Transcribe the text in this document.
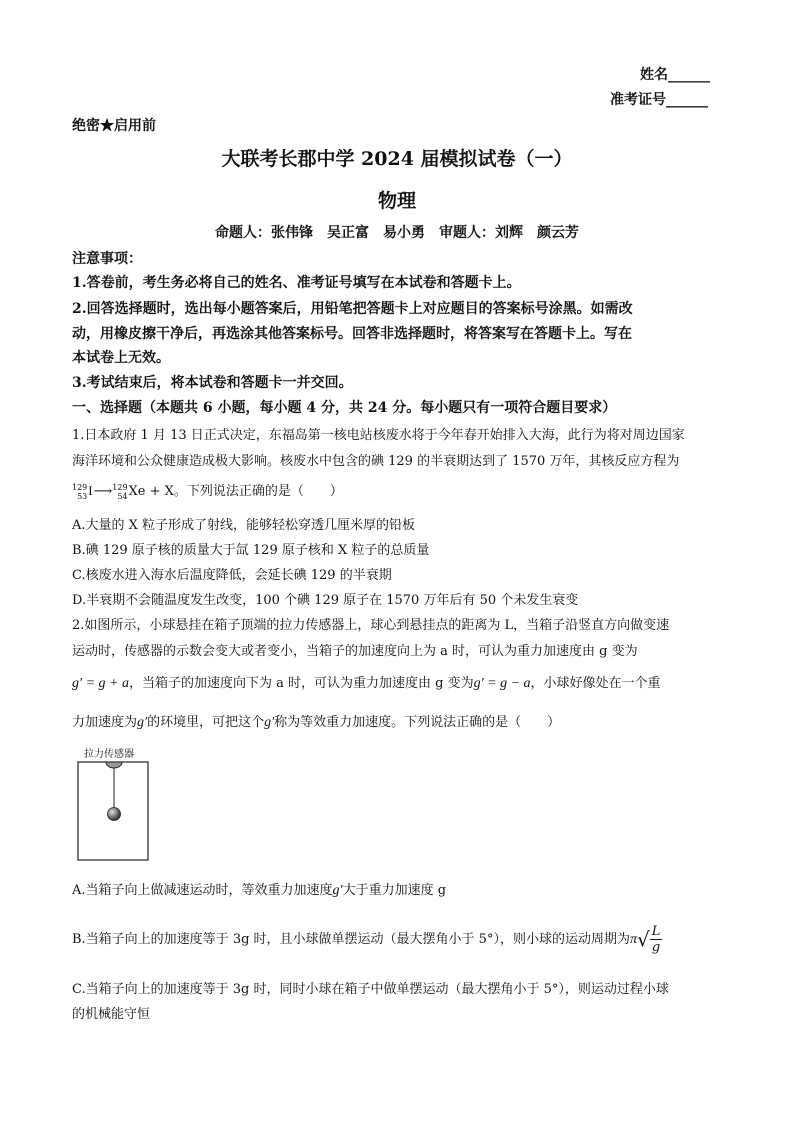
姓名______
准考证号______
绝密★启用前
大联考长郡中学 2024 届模拟试卷（一）
物理
命题人：张伟锋　吴正富　易小勇　审题人：刘辉　颜云芳
注意事项：
1.答卷前，考生务必将自己的姓名、准考证号填写在本试卷和答题卡上。
2.回答选择题时，选出每小题答案后，用铅笔把答题卡上对应题目的答案标号涂黑。如需改
动，用橡皮擦干净后，再选涂其他答案标号。回答非选择题时，将答案写在答题卡上。写在
本试卷上无效。
3.考试结束后，将本试卷和答题卡一并交回。
一、选择题（本题共 6 小题，每小题 4 分，共 24 分。每小题只有一项符合题目要求）
1.日本政府 1 月 13 日正式决定，东福岛第一核电站核废水将于今年春开始排入大海，此行为将对周边国家
海洋环境和公众健康造成极大影响。核废水中包含的碘 129 的半衰期达到了 1570 万年，其核反应方程为
129
53I⟶129
54Xe + X。下列说法正确的是（　　）
A.大量的 X 粒子形成了射线，能够轻松穿透几厘米厚的铅板
B.碘 129 原子核的质量大于氙 129 原子核和 X 粒子的总质量
C.核废水进入海水后温度降低，会延长碘 129 的半衰期
D.半衰期不会随温度发生改变，100 个碘 129 原子在 1570 万年后有 50 个未发生衰变
2.如图所示，小球悬挂在箱子顶端的拉力传感器上，球心到悬挂点的距离为 L，当箱子沿竖直方向做变速
运动时，传感器的示数会变大或者变小，当箱子的加速度向上为 a 时，可认为重力加速度由 g 变为
g′ = g + a，当箱子的加速度向下为 a 时，可认为重力加速度由 g 变为g′ = g − a，小球好像处在一个重
力加速度为g′的环境里，可把这个g′称为等效重力加速度。下列说法正确的是（　　）
拉力传感器
A.当箱子向上做减速运动时，等效重力加速度g′大于重力加速度 g
B.当箱子向上的加速度等于 3g 时，且小球做单摆运动（最大摆角小于 5°），则小球的运动周期为$\pi√ \frac{L}{g}$
C.当箱子向上的加速度等于 3g 时，同时小球在箱子中做单摆运动（最大摆角小于 5°），则运动过程小球
的机械能守恒
